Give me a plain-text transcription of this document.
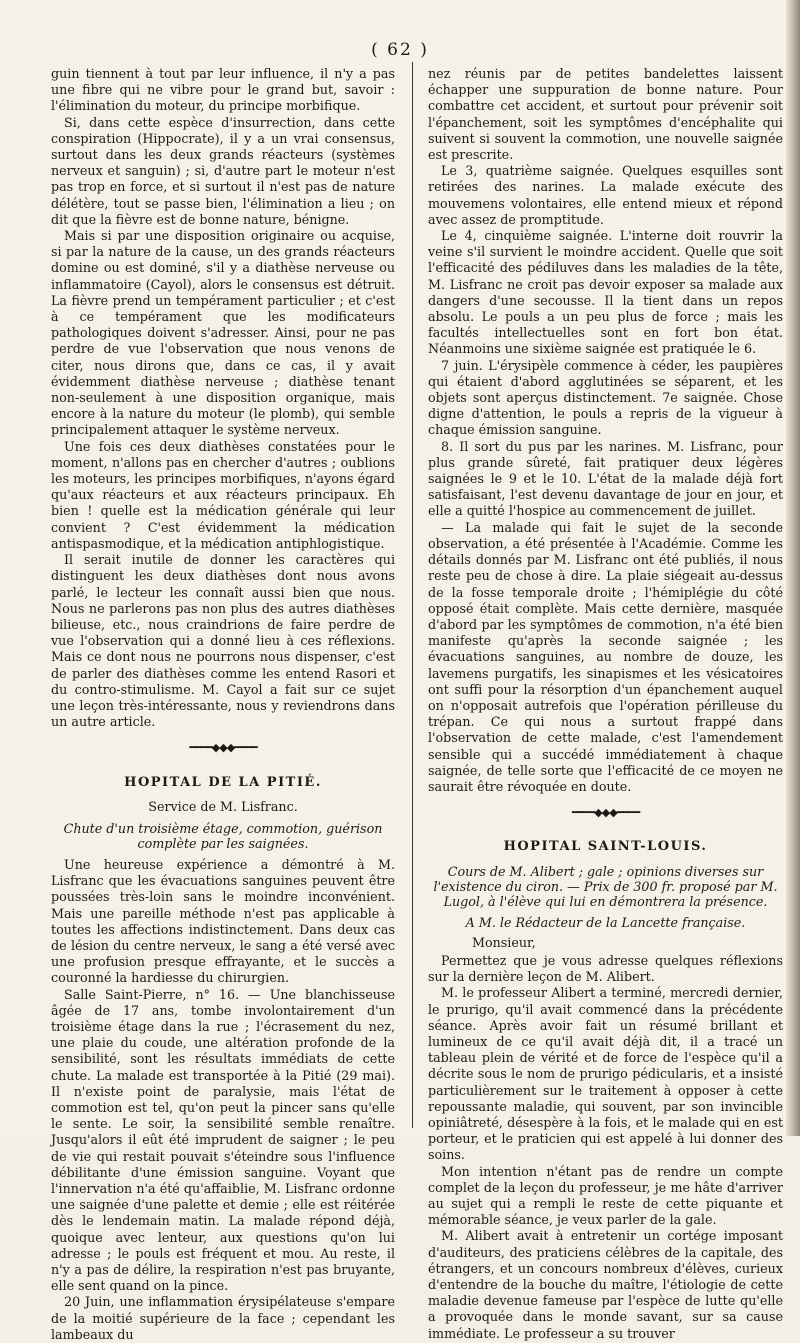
( 62 )

guin tiennent à tout par leur influence, il n'y a pas une fibre qui ne vibre pour le grand but, savoir : l'élimination du moteur, du principe morbifique.

Si, dans cette espèce d'insurrection, dans cette conspiration (Hippocrate), il y a un vrai consensus, surtout dans les deux grands réacteurs (systèmes nerveux et sanguin) ; si, d'autre part le moteur n'est pas trop en force, et si surtout il n'est pas de nature délétère, tout se passe bien, l'élimination a lieu ; on dit que la fièvre est de bonne nature, bénigne.

Mais si par une disposition originaire ou acquise, si par la nature de la cause, un des grands réacteurs domine ou est dominé, s'il y a diathèse nerveuse ou inflammatoire (Cayol), alors le consensus est détruit. La fièvre prend un tempérament particulier ; et c'est à ce tempérament que les modificateurs pathologiques doivent s'adresser. Ainsi, pour ne pas perdre de vue l'observation que nous venons de citer, nous dirons que, dans ce cas, il y avait évidemment diathèse nerveuse ; diathèse tenant non-seulement à une disposition organique, mais encore à la nature du moteur (le plomb), qui semble principalement attaquer le système nerveux.

Une fois ces deux diathèses constatées pour le moment, n'allons pas en chercher d'autres ; oublions les moteurs, les principes morbifiques, n'ayons égard qu'aux réacteurs et aux réacteurs principaux. Eh bien ! quelle est la médication générale qui leur convient ? C'est évidemment la médication antispasmodique, et la médication antiphlogistique.

Il serait inutile de donner les caractères qui distinguent les deux diathèses dont nous avons parlé, le lecteur les connaît aussi bien que nous. Nous ne parlerons pas non plus des autres diathèses bilieuse, etc., nous craindrions de faire perdre de vue l'observation qui a donné lieu à ces réflexions. Mais ce dont nous ne pourrons nous dispenser, c'est de parler des diathèses comme les entend Rasori et du contro-stimulisme. M. Cayol a fait sur ce sujet une leçon très-intéressante, nous y reviendrons dans un autre article.

━━━━◆◆◆━━━━
HOPITAL DE LA PITIÉ.
Service de M. Lisfranc.
Chute d'un troisième étage, commotion, guérison complète par les saignées.

Une heureuse expérience a démontré à M. Lisfranc que les évacuations sanguines peuvent être poussées très-loin sans le moindre inconvénient. Mais une pareille méthode n'est pas applicable à toutes les affections indistinctement. Dans deux cas de lésion du centre nerveux, le sang a été versé avec une profusion presque effrayante, et le succès a couronné la hardiesse du chirurgien.

Salle Saint-Pierre, n° 16. — Une blanchisseuse âgée de 17 ans, tombe involontairement d'un troisième étage dans la rue ; l'écrasement du nez, une plaie du coude, une altération profonde de la sensibilité, sont les résultats immédiats de cette chute. La malade est transportée à la Pitié (29 mai). Il n'existe point de paralysie, mais l'état de commotion est tel, qu'on peut la pincer sans qu'elle le sente. Le soir, la sensibilité semble renaître. Jusqu'alors il eût été imprudent de saigner ; le peu de vie qui restait pouvait s'éteindre sous l'influence débilitante d'une émission sanguine. Voyant que l'innervation n'a été qu'affaiblie, M. Lisfranc ordonne une saignée d'une palette et demie ; elle est réitérée dès le lendemain matin. La malade répond déjà, quoique avec lenteur, aux questions qu'on lui adresse ; le pouls est fréquent et mou. Au reste, il n'y a pas de délire, la respiration n'est pas bruyante, elle sent quand on la pince.

20 Juin, une inflammation érysipélateuse s'empare de la moitié supérieure de la face ; cependant les lambeaux du

nez réunis par de petites bandelettes laissent échapper une suppuration de bonne nature. Pour combattre cet accident, et surtout pour prévenir soit l'épanchement, soit les symptômes d'encéphalite qui suivent si souvent la commotion, une nouvelle saignée est prescrite.

Le 3, quatrième saignée. Quelques esquilles sont retirées des narines. La malade exécute des mouvemens volontaires, elle entend mieux et répond avec assez de promptitude.

Le 4, cinquième saignée. L'interne doit rouvrir la veine s'il survient le moindre accident. Quelle que soit l'efficacité des pédiluves dans les maladies de la tête, M. Lisfranc ne croit pas devoir exposer sa malade aux dangers d'une secousse. Il la tient dans un repos absolu. Le pouls a un peu plus de force ; mais les facultés intellectuelles sont en fort bon état. Néanmoins une sixième saignée est pratiquée le 6.

7 juin. L'érysipèle commence à céder, les paupières qui étaient d'abord agglutinées se séparent, et les objets sont aperçus distinctement. 7e saignée. Chose digne d'attention, le pouls a repris de la vigueur à chaque émission sanguine.

8. Il sort du pus par les narines. M. Lisfranc, pour plus grande sûreté, fait pratiquer deux légères saignées le 9 et le 10. L'état de la malade déjà fort satisfaisant, l'est devenu davantage de jour en jour, et elle a quitté l'hospice au commencement de juillet.

— La malade qui fait le sujet de la seconde observation, a été présentée à l'Académie. Comme les détails donnés par M. Lisfranc ont été publiés, il nous reste peu de chose à dire. La plaie siégeait au-dessus de la fosse temporale droite ; l'hémiplégie du côté opposé était complète. Mais cette dernière, masquée d'abord par les symptômes de commotion, n'a été bien manifeste qu'après la seconde saignée ; les évacuations sanguines, au nombre de douze, les lavemens purgatifs, les sinapismes et les vésicatoires ont suffi pour la résorption d'un épanchement auquel on n'opposait autrefois que l'opération périlleuse du trépan. Ce qui nous a surtout frappé dans l'observation de cette malade, c'est l'amendement sensible qui a succédé immédiatement à chaque saignée, de telle sorte que l'efficacité de ce moyen ne saurait être révoquée en doute.

━━━━◆◆◆━━━━
HOPITAL SAINT-LOUIS.
Cours de M. Alibert ; gale ; opinions diverses sur l'existence du ciron. — Prix de 300 fr. proposé par M. Lugol, à l'élève qui lui en démontrera la présence.
A M. le Rédacteur de la Lancette française.
Monsieur,

Permettez que je vous adresse quelques réflexions sur la dernière leçon de M. Alibert.

M. le professeur Alibert a terminé, mercredi dernier, le prurigo, qu'il avait commencé dans la précédente séance. Après avoir fait un résumé brillant et lumineux de ce qu'il avait déjà dit, il a tracé un tableau plein de vérité et de force de l'espèce qu'il a décrite sous le nom de prurigo pédicularis, et a insisté particulièrement sur le traitement à opposer à cette repoussante maladie, qui souvent, par son invincible opiniâtreté, désespère à la fois, et le malade qui en est porteur, et le praticien qui est appelé à lui donner des soins.

Mon intention n'étant pas de rendre un compte complet de la leçon du professeur, je me hâte d'arriver au sujet qui a rempli le reste de cette piquante et mémorable séance, je veux parler de la gale.

M. Alibert avait à entretenir un cortége imposant d'auditeurs, des praticiens célèbres de la capitale, des étrangers, et un concours nombreux d'élèves, curieux d'entendre de la bouche du maître, l'étiologie de cette maladie devenue fameuse par l'espèce de lutte qu'elle a provoquée dans le monde savant, sur sa cause immédiate. Le professeur a su trouver
